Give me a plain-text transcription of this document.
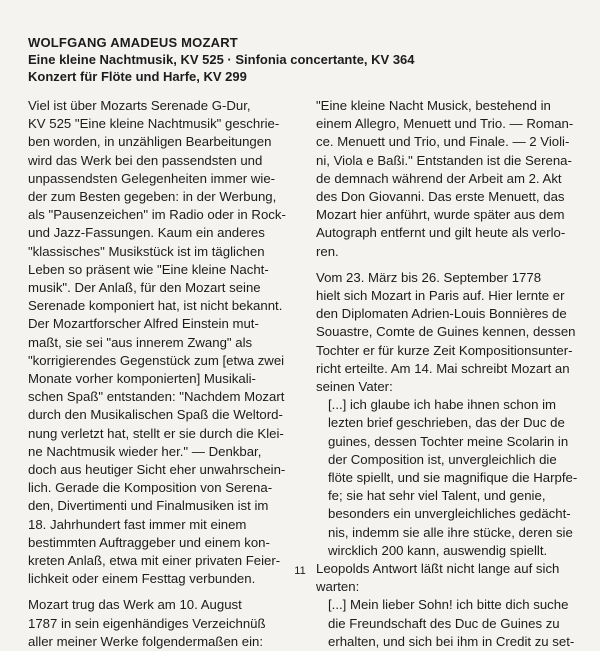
WOLFGANG AMADEUS MOZART
Eine kleine Nachtmusik, KV 525 · Sinfonia concertante, KV 364
Konzert für Flöte und Harfe, KV 299
Viel ist über Mozarts Serenade G-Dur,
KV 525 "Eine kleine Nachtmusik" geschrie-
ben worden, in unzähligen Bearbeitungen
wird das Werk bei den passendsten und
unpassendsten Gelegenheiten immer wie-
der zum Besten gegeben: in der Werbung,
als "Pausenzeichen" im Radio oder in Rock-
und Jazz-Fassungen. Kaum ein anderes
"klassisches" Musikstück ist im täglichen
Leben so präsent wie "Eine kleine Nacht-
musik". Der Anlaß, für den Mozart seine
Serenade komponiert hat, ist nicht bekannt.
Der Mozartforscher Alfred Einstein mut-
maßt, sie sei "aus innerem Zwang" als
"korrigierendes Gegenstück zum [etwa zwei
Monate vorher komponierten] Musikali-
schen Spaß" entstanden: "Nachdem Mozart
durch den Musikalischen Spaß die Weltord-
nung verletzt hat, stellt er sie durch die Klei-
ne Nachtmusik wieder her." — Denkbar,
doch aus heutiger Sicht eher unwahrschein-
lich. Gerade die Komposition von Serena-
den, Divertimenti und Finalmusiken ist im
18. Jahrhundert fast immer mit einem
bestimmten Auftraggeber und einem kon-
kreten Anlaß, etwa mit einer privaten Feier-
lichkeit oder einem Festtag verbunden.
Mozart trug das Werk am 10. August
1787 in sein eigenhändiges Verzeichnüß
aller meiner Werke folgendermaßen ein:
"Eine kleine Nacht Musick, bestehend in
einem Allegro, Menuett und Trio. — Roman-
ce. Menuett und Trio, und Finale. — 2 Violi-
ni, Viola e Baßi." Entstanden ist die Serena-
de demnach während der Arbeit am 2. Akt
des Don Giovanni. Das erste Menuett, das
Mozart hier anführt, wurde später aus dem
Autograph entfernt und gilt heute als verlo-
ren.
Vom 23. März bis 26. September 1778
hielt sich Mozart in Paris auf. Hier lernte er
den Diplomaten Adrien-Louis Bonnières de
Souastre, Comte de Guines kennen, dessen
Tochter er für kurze Zeit Kompositionsunter-
richt erteilte. Am 14. Mai schreibt Mozart an
seinen Vater:
[...] ich glaube ich habe ihnen schon im
lezten brief geschrieben, das der Duc de
guines, dessen Tochter meine Scolarin in
der Composition ist, unvergleichlich die
flöte spiellt, und sie magnifique die Harpfe-
fe; sie hat sehr viel Talent, und genie,
besonders ein unvergleichliches gedächt-
nis, indemm sie alle ihre stücke, deren sie
wircklich 200 kann, auswendig spiellt.
Leopolds Antwort läßt nicht lange auf sich
warten:
[...] Mein lieber Sohn! ich bitte dich suche
die Freundschaft des Duc de Guines zu
erhalten, und sich bei ihm in Credit zu set-
11
